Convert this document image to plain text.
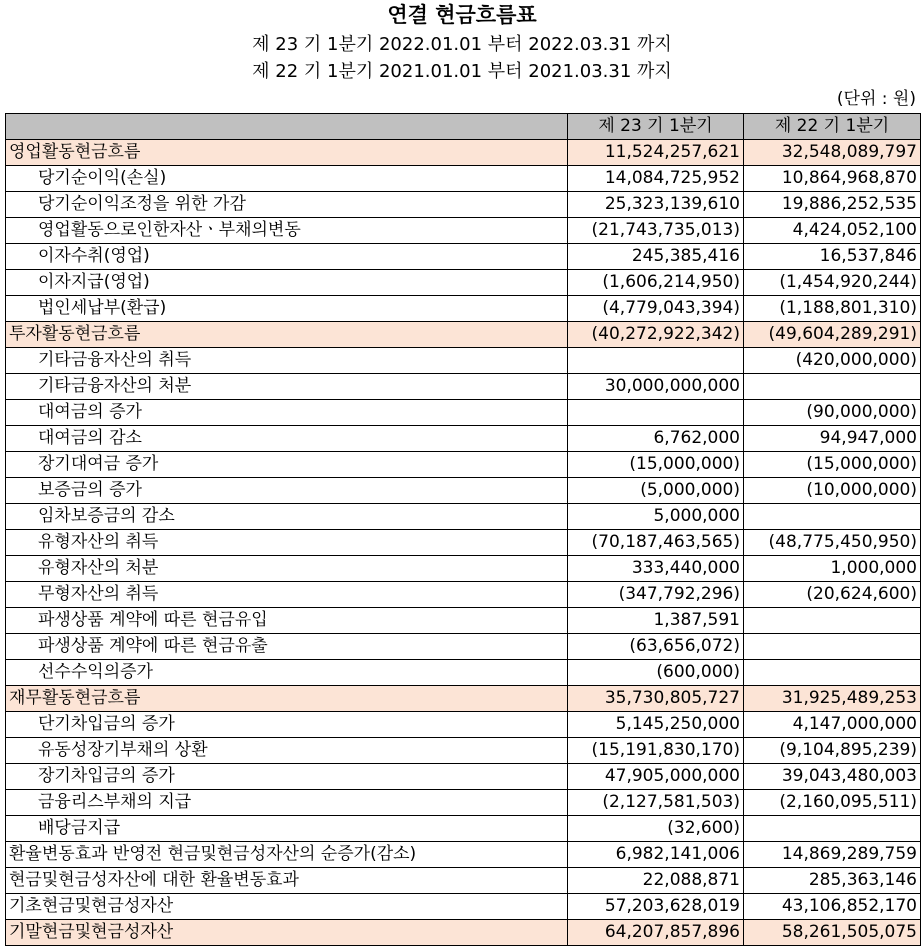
연결 현금흐름표
제 23 기 1분기 2022.01.01 부터 2022.03.31 까지
제 22 기 1분기 2021.01.01 부터 2021.03.31 까지
(단위 : 원)
	제 23 기 1분기	제 22 기 1분기
영업활동현금흐름	11,524,257,621	32,548,089,797
당기순이익(손실)	14,084,725,952	10,864,968,870
당기순이익조정을 위한 가감	25,323,139,610	19,886,252,535
영업활동으로인한자산ㆍ부채의변동	(21,743,735,013)	4,424,052,100
이자수취(영업)	245,385,416	16,537,846
이자지급(영업)	(1,606,214,950)	(1,454,920,244)
법인세납부(환급)	(4,779,043,394)	(1,188,801,310)
투자활동현금흐름	(40,272,922,342)	(49,604,289,291)
기타금융자산의 취득		(420,000,000)
기타금융자산의 처분	30,000,000,000	
대여금의 증가		(90,000,000)
대여금의 감소	6,762,000	94,947,000
장기대여금 증가	(15,000,000)	(15,000,000)
보증금의 증가	(5,000,000)	(10,000,000)
임차보증금의 감소	5,000,000	
유형자산의 취득	(70,187,463,565)	(48,775,450,950)
유형자산의 처분	333,440,000	1,000,000
무형자산의 취득	(347,792,296)	(20,624,600)
파생상품 계약에 따른 현금유입	1,387,591	
파생상품 계약에 따른 현금유출	(63,656,072)	
선수수익의증가	(600,000)	
재무활동현금흐름	35,730,805,727	31,925,489,253
단기차입금의 증가	5,145,250,000	4,147,000,000
유동성장기부채의 상환	(15,191,830,170)	(9,104,895,239)
장기차입금의 증가	47,905,000,000	39,043,480,003
금융리스부채의 지급	(2,127,581,503)	(2,160,095,511)
배당금지급	(32,600)	
환율변동효과 반영전 현금및현금성자산의 순증가(감소)	6,982,141,006	14,869,289,759
현금및현금성자산에 대한 환율변동효과	22,088,871	285,363,146
기초현금및현금성자산	57,203,628,019	43,106,852,170
기말현금및현금성자산	64,207,857,896	58,261,505,075
